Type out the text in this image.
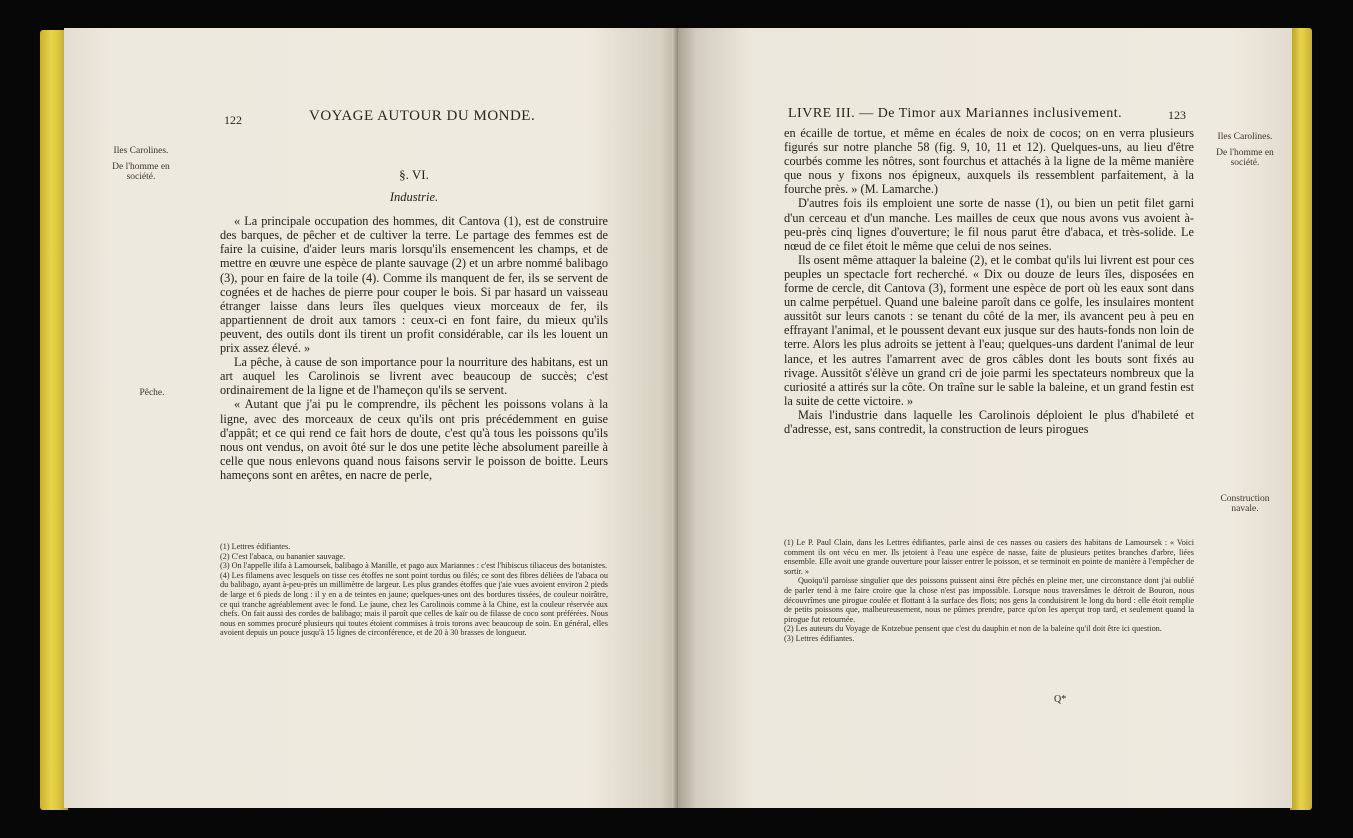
122	VOYAGE AUTOUR DU MONDE.
Iles Carolines.
De l'homme en société.
Pêche.

§. VI.

Industrie.

« La principale occupation des hommes, dit Cantova (1), est de construire des barques, de pêcher et de cultiver la terre. Le partage des femmes est de faire la cuisine, d'aider leurs maris lorsqu'ils ensemencent les champs, et de mettre en œuvre une espèce de plante sauvage (2) et un arbre nommé balibago (3), pour en faire de la toile (4). Comme ils manquent de fer, ils se servent de cognées et de haches de pierre pour couper le bois. Si par hasard un vaisseau étranger laisse dans leurs îles quelques vieux morceaux de fer, ils appartiennent de droit aux tamors : ceux-ci en font faire, du mieux qu'ils peuvent, des outils dont ils tirent un profit considérable, car ils les louent un prix assez élevé. »

La pêche, à cause de son importance pour la nourriture des habitans, est un art auquel les Carolinois se livrent avec beaucoup de succès; c'est ordinairement de la ligne et de l'hameçon qu'ils se servent.

« Autant que j'ai pu le comprendre, ils pêchent les poissons volans à la ligne, avec des morceaux de ceux qu'ils ont pris précédemment en guise d'appât; et ce qui rend ce fait hors de doute, c'est qu'à tous les poissons qu'ils nous ont vendus, on avoit ôté sur le dos une petite lèche absolument pareille à celle que nous enlevons quand nous faisons servir le poisson de boitte. Leurs hameçons sont en arêtes, en nacre de perle,

(1) Lettres édifiantes.

(2) C'est l'abaca, ou bananier sauvage.

(3) On l'appelle ilifa à Lamoursek, balibago à Manille, et pago aux Mariannes : c'est l'hibiscus tiliaceus des botanistes.

(4) Les filamens avec lesquels on tisse ces étoffes ne sont point tordus ou filés; ce sont des fibres déliées de l'abaca ou du balibago, ayant à-peu-près un millimètre de largeur. Les plus grandes étoffes que j'aie vues avoient environ 2 pieds de large et 6 pieds de long : il y en a de teintes en jaune; quelques-unes ont des bordures tissées, de couleur noirâtre, ce qui tranche agréablement avec le fond. Le jaune, chez les Carolinois comme à la Chine, est la couleur réservée aux chefs. On fait aussi des cordes de balibago; mais il paroît que celles de kaïr ou de filasse de coco sont préférées. Nous nous en sommes procuré plusieurs qui toutes étoient commises à trois torons avec beaucoup de soin. En général, elles avoient depuis un pouce jusqu'à 15 lignes de circonférence, et de 20 à 30 brasses de longueur.

LIVRE III. — De Timor aux Mariannes inclusivement.	123
Iles Carolines.
De l'homme en société.
Construction navale.

en écaille de tortue, et même en écales de noix de cocos; on en verra plusieurs figurés sur notre planche 58 (fig. 9, 10, 11 et 12). Quelques-uns, au lieu d'être courbés comme les nôtres, sont fourchus et attachés à la ligne de la même manière que nous y fixons nos épigneux, auxquels ils ressemblent parfaitement, à la fourche près. » (M. Lamarche.)

D'autres fois ils emploient une sorte de nasse (1), ou bien un petit filet garni d'un cerceau et d'un manche. Les mailles de ceux que nous avons vus avoient à-peu-près cinq lignes d'ouverture; le fil nous parut être d'abaca, et très-solide. Le nœud de ce filet étoit le même que celui de nos seines.

Ils osent même attaquer la baleine (2), et le combat qu'ils lui livrent est pour ces peuples un spectacle fort recherché. « Dix ou douze de leurs îles, disposées en forme de cercle, dit Cantova (3), forment une espèce de port où les eaux sont dans un calme perpétuel. Quand une baleine paroît dans ce golfe, les insulaires montent aussitôt sur leurs canots : se tenant du côté de la mer, ils avancent peu à peu en effrayant l'animal, et le poussent devant eux jusque sur des hauts-fonds non loin de terre. Alors les plus adroits se jettent à l'eau; quelques-uns dardent l'animal de leur lance, et les autres l'amarrent avec de gros câbles dont les bouts sont fixés au rivage. Aussitôt s'élève un grand cri de joie parmi les spectateurs nombreux que la curiosité a attirés sur la côte. On traîne sur le sable la baleine, et un grand festin est la suite de cette victoire. »

Mais l'industrie dans laquelle les Carolinois déploient le plus d'habileté et d'adresse, est, sans contredit, la construction de leurs pirogues

(1) Le P. Paul Clain, dans les Lettres édifiantes, parle ainsi de ces nasses ou casiers des habitans de Lamoursek : « Voici comment ils ont vécu en mer. Ils jetoient à l'eau une espèce de nasse, faite de plusieurs petites branches d'arbre, liées ensemble. Elle avoit une grande ouverture pour laisser entrer le poisson, et se terminoit en pointe de manière à l'empêcher de sortir. »

Quoiqu'il paroisse singulier que des poissons puissent ainsi être pêchés en pleine mer, une circonstance dont j'ai oublié de parler tend à me faire croire que la chose n'est pas impossible. Lorsque nous traversâmes le détroit de Bouron, nous découvrîmes une pirogue coulée et flottant à la surface des flots; nos gens la conduisirent le long du bord : elle étoit remplie de petits poissons que, malheureusement, nous ne pûmes prendre, parce qu'on les aperçut trop tard, et seulement quand la pirogue fut retournée.

(2) Les auteurs du Voyage de Kotzebue pensent que c'est du dauphin et non de la baleine qu'il doit être ici question.

(3) Lettres édifiantes.

Q*
